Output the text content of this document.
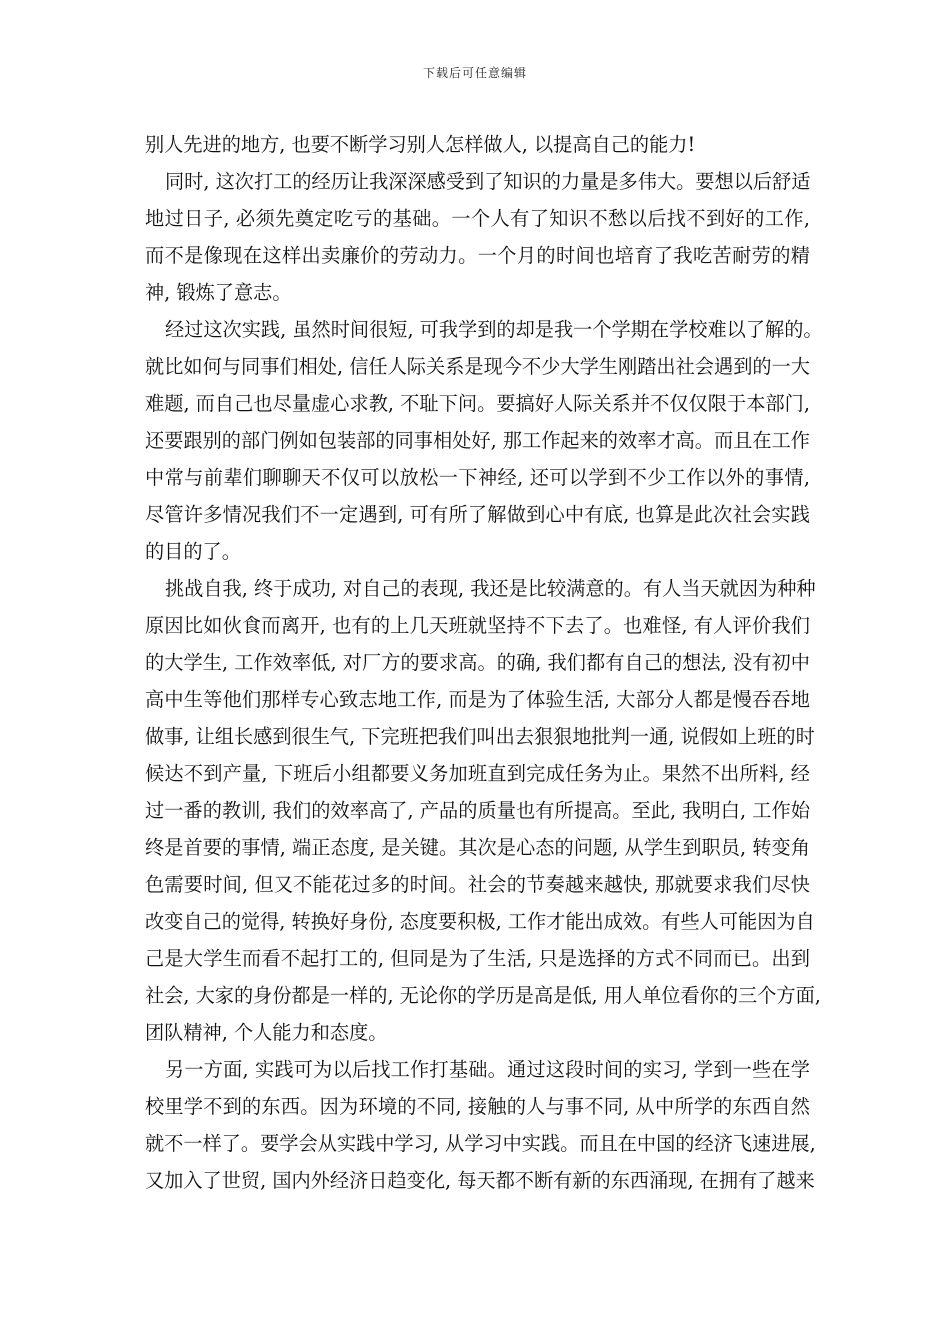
下载后可任意编辑
别人先进的地方, 也要不断学习别人怎样做人, 以提高自己的能力!
同时, 这次打工的经历让我深深感受到了知识的力量是多伟大。要想以后舒适
地过日子, 必须先奠定吃亏的基础。一个人有了知识不愁以后找不到好的工作,
而不是像现在这样出卖廉价的劳动力。一个月的时间也培育了我吃苦耐劳的精
神, 锻炼了意志。
经过这次实践, 虽然时间很短, 可我学到的却是我一个学期在学校难以了解的。
就比如何与同事们相处, 信任人际关系是现今不少大学生刚踏出社会遇到的一大
难题, 而自己也尽量虚心求教, 不耻下问。要搞好人际关系并不仅仅限于本部门,
还要跟别的部门例如包装部的同事相处好, 那工作起来的效率才高。而且在工作
中常与前辈们聊聊天不仅可以放松一下神经, 还可以学到不少工作以外的事情,
尽管许多情况我们不一定遇到, 可有所了解做到心中有底, 也算是此次社会实践
的目的了。
挑战自我, 终于成功, 对自己的表现, 我还是比较满意的。有人当天就因为种种
原因比如伙食而离开, 也有的上几天班就坚持不下去了。也难怪, 有人评价我们
的大学生, 工作效率低, 对厂方的要求高。的确, 我们都有自己的想法, 没有初中
高中生等他们那样专心致志地工作, 而是为了体验生活, 大部分人都是慢吞吞地
做事, 让组长感到很生气, 下完班把我们叫出去狠狠地批判一通, 说假如上班的时
候达不到产量, 下班后小组都要义务加班直到完成任务为止。果然不出所料, 经
过一番的教训, 我们的效率高了, 产品的质量也有所提高。至此, 我明白, 工作始
终是首要的事情, 端正态度, 是关键。其次是心态的问题, 从学生到职员, 转变角
色需要时间, 但又不能花过多的时间。社会的节奏越来越快, 那就要求我们尽快
改变自己的觉得, 转换好身份, 态度要积极, 工作才能出成效。有些人可能因为自
己是大学生而看不起打工的, 但同是为了生活, 只是选择的方式不同而已。出到
社会, 大家的身份都是一样的, 无论你的学历是高是低, 用人单位看你的三个方面,
团队精神, 个人能力和态度。
另一方面, 实践可为以后找工作打基础。通过这段时间的实习, 学到一些在学
校里学不到的东西。因为环境的不同, 接触的人与事不同, 从中所学的东西自然
就不一样了。要学会从实践中学习, 从学习中实践。而且在中国的经济飞速进展,
又加入了世贸, 国内外经济日趋变化, 每天都不断有新的东西涌现, 在拥有了越来
